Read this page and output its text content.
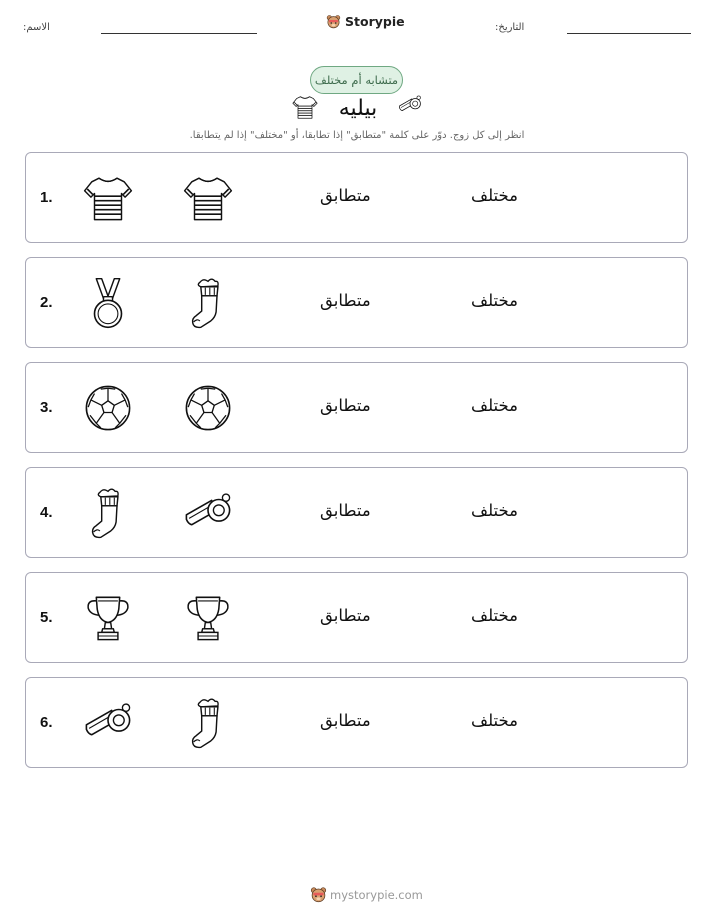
الاسم:	Storypie	التاريخ:
متشابه أم مختلف
بيليه
انظر إلى كل زوج. دوّر على كلمة "متطابق" إذا تطابقا، أو "مختلف" إذا لم يتطابقا.
1.	متطابق	مختلف
2.	متطابق	مختلف
3.	متطابق	مختلف
4.	متطابق	مختلف
5.	متطابق	مختلف
6.	متطابق	مختلف
mystorypie.com
